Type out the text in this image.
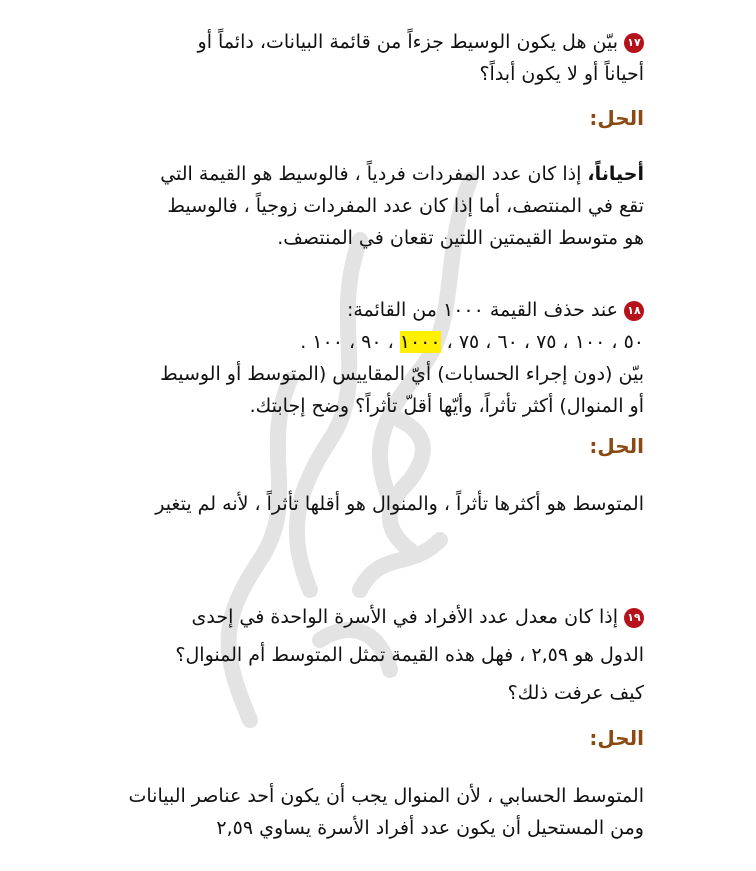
١٧بيّن هل يكون الوسيط جزءاً من قائمة البيانات، دائماً أو
أحياناً أو لا يكون أبداً؟
الحل:
أحياناً، إذا كان عدد المفردات فردياً ، فالوسيط هو القيمة التي
تقع في المنتصف، أما إذا كان عدد المفردات زوجياً ، فالوسيط
هو متوسط القيمتين اللتين تقعان في المنتصف.
١٨عند حذف القيمة ١٠٠٠ من القائمة:
٥٠ ، ١٠٠ ، ٧٥ ، ٦٠ ، ٧٥ ، ١٠٠٠ ، ٩٠ ، ١٠٠ .
بيّن (دون إجراء الحسابات) أيّ المقاييس (المتوسط أو الوسيط
أو المنوال) أكثر تأثراً، وأيّها أقلّ تأثراً؟ وضح إجابتك.
الحل:
المتوسط هو أكثرها تأثراً ، والمنوال هو أقلها تأثراً ، لأنه لم يتغير
١٩إذا كان معدل عدد الأفراد في الأسرة الواحدة في إحدى
الدول هو ٢,٥٩ ، فهل هذه القيمة تمثل المتوسط أم المنوال؟
كيف عرفت ذلك؟
الحل:
المتوسط الحسابي ، لأن المنوال يجب أن يكون أحد عناصر البيانات
ومن المستحيل أن يكون عدد أفراد الأسرة يساوي ٢,٥٩
